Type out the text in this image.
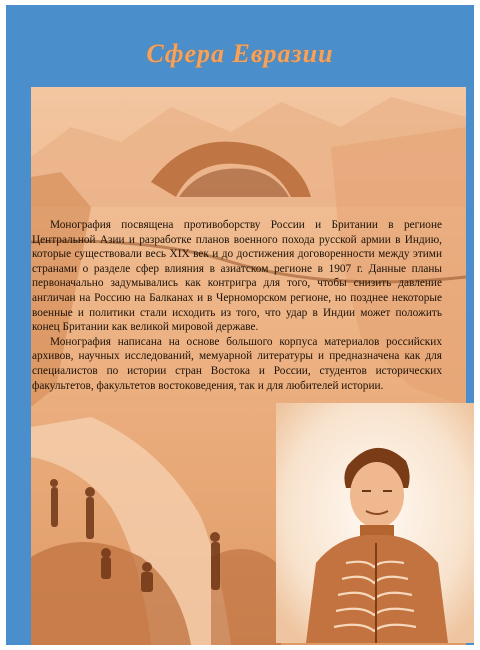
Сфера Евразии

Монография посвящена противоборству России и Британии в регионе Центральной Азии и разработке планов военного похода русской армии в Индию, которые существовали весь XIX век и до достижения договоренности между этими странами о разделе сфер влияния в азиатском регионе в 1907 г. Данные планы первоначально задумывались как контригра для того, чтобы снизить давление англичан на Россию на Балканах и в Черноморском регионе, но позднее некоторые военные и политики стали исходить из того, что удар в Индии может положить конец Британии как великой мировой державе.

Монография написана на основе большого корпуса материалов российских архивов, научных исследований, мемуарной литературы и предназначена как для специалистов по истории стран Востока и России, студентов исторических факультетов, факультетов востоковедения, так и для любителей истории.
